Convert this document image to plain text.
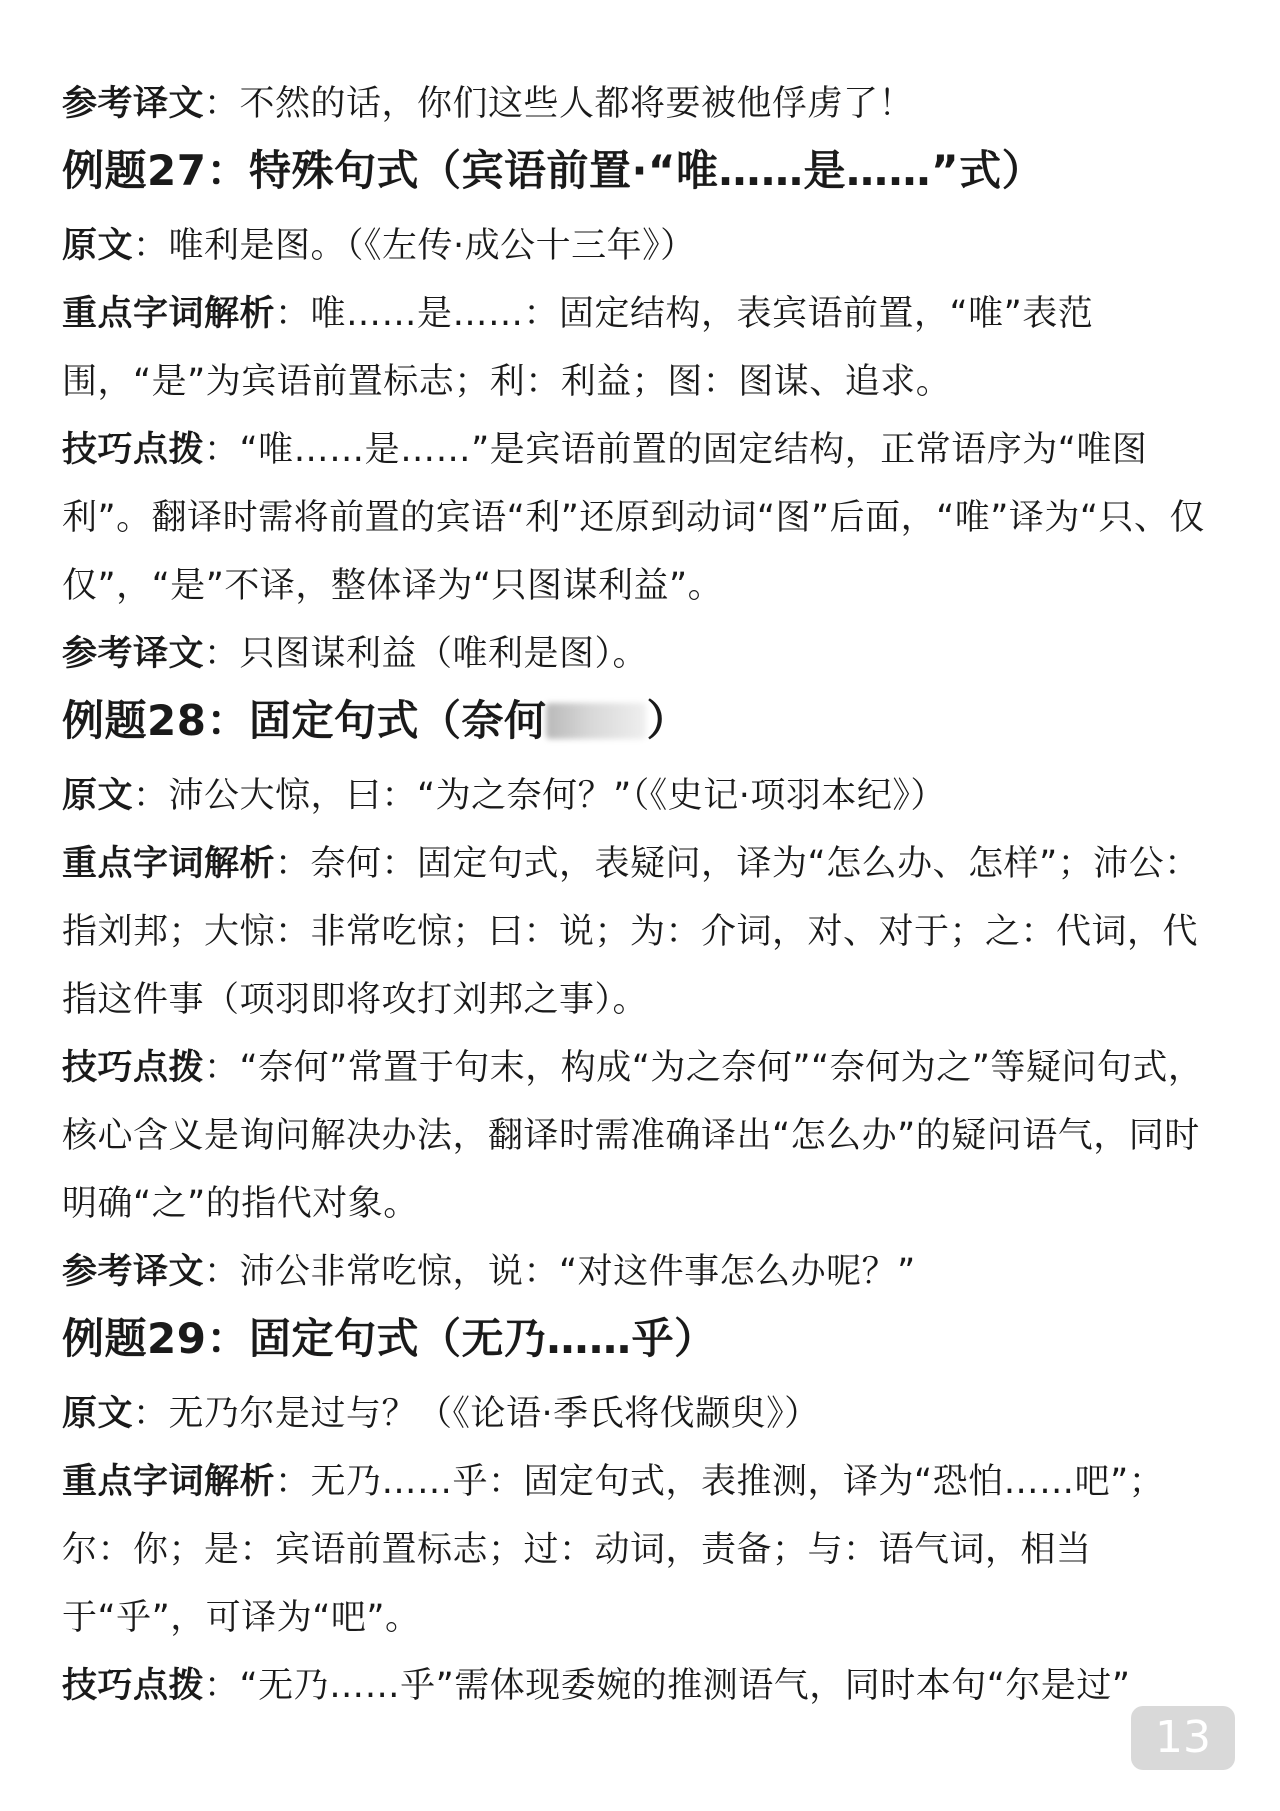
参考译文：不然的话，你们这些人都将要被他俘虏了！

例题27：特殊句式（宾语前置·“唯……是……”式）

原文：唯利是图。（《左传·成公十三年》）

重点字词解析：唯……是……：固定结构，表宾语前置，“唯”表范围，“是”为宾语前置标志；利：利益；图：图谋、追求。

技巧点拨：“唯……是……”是宾语前置的固定结构，正常语序为“唯图利”。翻译时需将前置的宾语“利”还原到动词“图”后面，“唯”译为“只、仅仅”，“是”不译，整体译为“只图谋利益”。

参考译文：只图谋利益（唯利是图）。

例题28：固定句式（奈何 ）

原文：沛公大惊，曰：“为之奈何？”（《史记·项羽本纪》）

重点字词解析：奈何：固定句式，表疑问，译为“怎么办、怎样”；沛公：指刘邦；大惊：非常吃惊；曰：说；为：介词，对、对于；之：代词，代指这件事（项羽即将攻打刘邦之事）。

技巧点拨：“奈何”常置于句末，构成“为之奈何”“奈何为之”等疑问句式，核心含义是询问解决办法，翻译时需准确译出“怎么办”的疑问语气，同时明确“之”的指代对象。

参考译文：沛公非常吃惊，说：“对这件事怎么办呢？”

例题29：固定句式（无乃……乎）

原文：无乃尔是过与？（《论语·季氏将伐颛臾》）

重点字词解析：无乃……乎：固定句式，表推测，译为“恐怕……吧”；尔：你；是：宾语前置标志；过：动词，责备；与：语气词，相当于“乎”，可译为“吧”。

技巧点拨：“无乃……乎”需体现委婉的推测语气，同时本句“尔是过”

13
